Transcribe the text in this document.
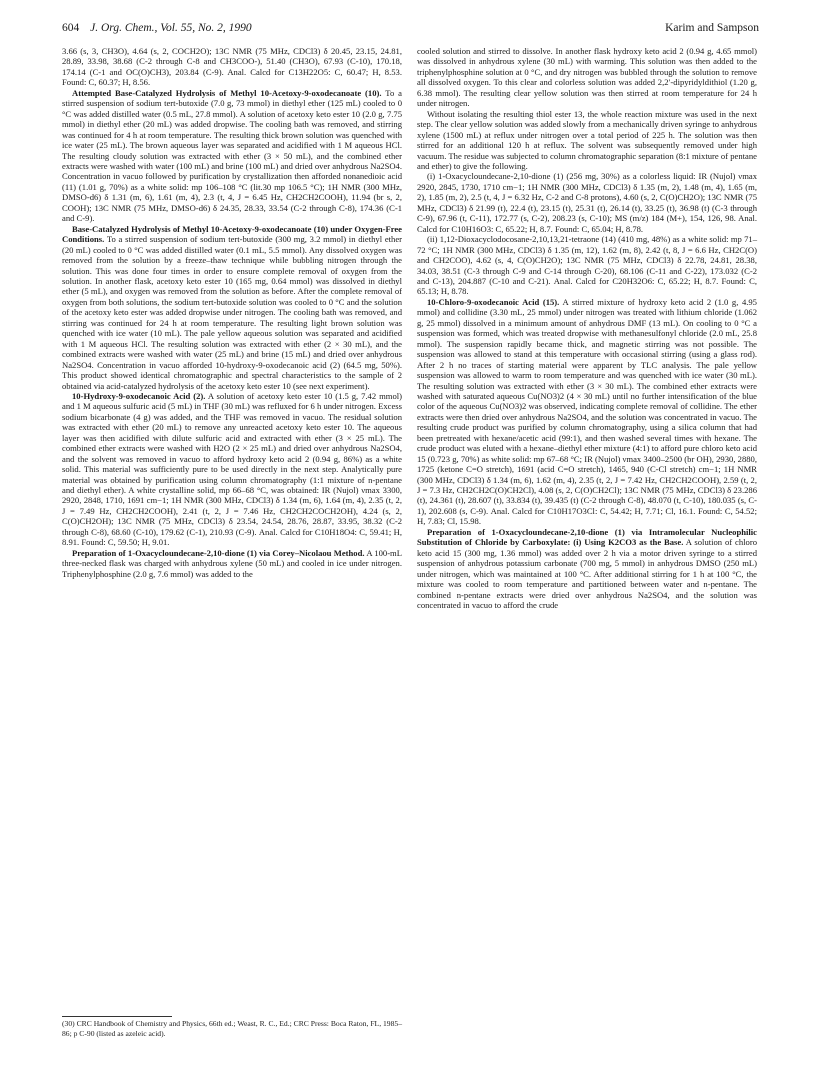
604 J. Org. Chem., Vol. 55, No. 2, 1990	Karim and Sampson

3.66 (s, 3, CH3O), 4.64 (s, 2, COCH2O); 13C NMR (75 MHz, CDCl3) δ 20.45, 23.15, 24.81, 28.89, 33.98, 38.68 (C-2 through C-8 and CH3COO-), 51.40 (CH3O), 67.93 (C-10), 170.18, 174.14 (C-1 and OC(O)CH3), 203.84 (C-9). Anal. Calcd for C13H22O5: C, 60.47; H, 8.53. Found: C, 60.37; H, 8.56.

Attempted Base-Catalyzed Hydrolysis of Methyl 10-Acetoxy-9-oxodecanoate (10). To a stirred suspension of sodium tert-butoxide (7.0 g, 73 mmol) in diethyl ether (125 mL) cooled to 0 °C was added distilled water (0.5 mL, 27.8 mmol). A solution of acetoxy keto ester 10 (2.0 g, 7.75 mmol) in diethyl ether (20 mL) was added dropwise. The cooling bath was removed, and stirring was continued for 4 h at room temperature. The resulting thick brown solution was quenched with ice water (25 mL). The brown aqueous layer was separated and acidified with 1 M aqueous HCl. The resulting cloudy solution was extracted with ether (3 × 50 mL), and the combined ether extracts were washed with water (100 mL) and brine (100 mL) and dried over anhydrous Na2SO4. Concentration in vacuo followed by purification by crystallization then afforded nonanedioic acid (11) (1.01 g, 70%) as a white solid: mp 106–108 °C (lit.30 mp 106.5 °C); 1H NMR (300 MHz, DMSO-d6) δ 1.31 (m, 6), 1.61 (m, 4), 2.3 (t, 4, J = 6.45 Hz, CH2CH2COOH), 11.94 (br s, 2, COOH); 13C NMR (75 MHz, DMSO-d6) δ 24.35, 28.33, 33.54 (C-2 through C-8), 174.36 (C-1 and C-9).

Base-Catalyzed Hydrolysis of Methyl 10-Acetoxy-9-oxodecanoate (10) under Oxygen-Free Conditions. To a stirred suspension of sodium tert-butoxide (300 mg, 3.2 mmol) in diethyl ether (20 mL) cooled to 0 °C was added distilled water (0.1 mL, 5.5 mmol). Any dissolved oxygen was removed from the solution by a freeze–thaw technique while bubbling nitrogen through the solution. This was done four times in order to ensure complete removal of oxygen from the solution. In another flask, acetoxy keto ester 10 (165 mg, 0.64 mmol) was dissolved in diethyl ether (5 mL), and oxygen was removed from the solution as before. After the complete removal of oxygen from both solutions, the sodium tert-butoxide solution was cooled to 0 °C and the solution of the acetoxy keto ester was added dropwise under nitrogen. The cooling bath was removed, and stirring was continued for 24 h at room temperature. The resulting light brown solution was quenched with ice water (10 mL). The pale yellow aqueous solution was separated and acidified with 1 M aqueous HCl. The resulting solution was extracted with ether (2 × 30 mL), and the combined extracts were washed with water (25 mL) and brine (15 mL) and dried over anhydrous Na2SO4. Concentration in vacuo afforded 10-hydroxy-9-oxodecanoic acid (2) (64.5 mg, 50%). This product showed identical chromatographic and spectral characteristics to the sample of 2 obtained via acid-catalyzed hydrolysis of the acetoxy keto ester 10 (see next experiment).

10-Hydroxy-9-oxodecanoic Acid (2). A solution of acetoxy keto ester 10 (1.5 g, 7.42 mmol) and 1 M aqueous sulfuric acid (5 mL) in THF (30 mL) was refluxed for 6 h under nitrogen. Excess sodium bicarbonate (4 g) was added, and the THF was removed in vacuo. The residual solution was extracted with ether (20 mL) to remove any unreacted acetoxy keto ester 10. The aqueous layer was then acidified with dilute sulfuric acid and extracted with ether (3 × 25 mL). The combined ether extracts were washed with H2O (2 × 25 mL) and dried over anhydrous Na2SO4, and the solvent was removed in vacuo to afford hydroxy keto acid 2 (0.94 g, 86%) as a white solid. This material was sufficiently pure to be used directly in the next step. Analytically pure material was obtained by purification using column chromatography (1:1 mixture of n-pentane and diethyl ether). A white crystalline solid, mp 66–68 °C, was obtained: IR (Nujol) νmax 3300, 2920, 2848, 1710, 1691 cm−1; 1H NMR (300 MHz, CDCl3) δ 1.34 (m, 6), 1.64 (m, 4), 2.35 (t, 2, J = 7.49 Hz, CH2CH2COOH), 2.41 (t, 2, J = 7.46 Hz, CH2CH2COCH2OH), 4.24 (s, 2, C(O)CH2OH); 13C NMR (75 MHz, CDCl3) δ 23.54, 24.54, 28.76, 28.87, 33.95, 38.32 (C-2 through C-8), 68.60 (C-10), 179.62 (C-1), 210.93 (C-9). Anal. Calcd for C10H18O4: C, 59.41; H, 8.91. Found: C, 59.50; H, 9.01.

Preparation of 1-Oxacycloundecane-2,10-dione (1) via Corey–Nicolaou Method. A 100-mL three-necked flask was charged with anhydrous xylene (50 mL) and cooled in ice under nitrogen. Triphenylphosphine (2.0 g, 7.6 mmol) was added to the

cooled solution and stirred to dissolve. In another flask hydroxy keto acid 2 (0.94 g, 4.65 mmol) was dissolved in anhydrous xylene (30 mL) with warming. This solution was then added to the triphenylphosphine solution at 0 °C, and dry nitrogen was bubbled through the solution to remove all dissolved oxygen. To this clear and colorless solution was added 2,2′-dipyridyldithiol (1.20 g, 6.38 mmol). The resulting clear yellow solution was then stirred at room temperature for 24 h under nitrogen.

Without isolating the resulting thiol ester 13, the whole reaction mixture was used in the next step. The clear yellow solution was added slowly from a mechanically driven syringe to anhydrous xylene (1500 mL) at reflux under nitrogen over a total period of 225 h. The solution was then stirred for an additional 120 h at reflux. The solvent was subsequently removed under high vacuum. The residue was subjected to column chromatographic separation (8:1 mixture of pentane and ether) to give the following.

(i) 1-Oxacycloundecane-2,10-dione (1) (256 mg, 30%) as a colorless liquid: IR (Nujol) νmax 2920, 2845, 1730, 1710 cm−1; 1H NMR (300 MHz, CDCl3) δ 1.35 (m, 2), 1.48 (m, 4), 1.65 (m, 2), 1.85 (m, 2), 2.5 (t, 4, J = 6.32 Hz, C-2 and C-8 protons), 4.60 (s, 2, C(O)CH2O); 13C NMR (75 MHz, CDCl3) δ 21.99 (t), 22.4 (t), 23.15 (t), 25.31 (t), 26.14 (t), 33.25 (t), 36.98 (t) (C-3 through C-9), 67.96 (t, C-11), 172.77 (s, C-2), 208.23 (s, C-10); MS (m/z) 184 (M+), 154, 126, 98. Anal. Calcd for C10H16O3: C, 65.22; H, 8.7. Found: C, 65.04; H, 8.78.

(ii) 1,12-Dioxacyclodocosane-2,10,13,21-tetraone (14) (410 mg, 48%) as a white solid: mp 71–72 °C; 1H NMR (300 MHz, CDCl3) δ 1.35 (m, 12), 1.62 (m, 8), 2.42 (t, 8, J = 6.6 Hz, CH2C(O) and CH2COO), 4.62 (s, 4, C(O)CH2O); 13C NMR (75 MHz, CDCl3) δ 22.78, 24.81, 28.38, 34.03, 38.51 (C-3 through C-9 and C-14 through C-20), 68.106 (C-11 and C-22), 173.032 (C-2 and C-13), 204.887 (C-10 and C-21). Anal. Calcd for C20H32O6: C, 65.22; H, 8.7. Found: C, 65.13; H, 8.78.

10-Chloro-9-oxodecanoic Acid (15). A stirred mixture of hydroxy keto acid 2 (1.0 g, 4.95 mmol) and collidine (3.30 mL, 25 mmol) under nitrogen was treated with lithium chloride (1.062 g, 25 mmol) dissolved in a minimum amount of anhydrous DMF (13 mL). On cooling to 0 °C a suspension was formed, which was treated dropwise with methanesulfonyl chloride (2.0 mL, 25.8 mmol). The suspension rapidly became thick, and magnetic stirring was not possible. The suspension was allowed to stand at this temperature with occasional stirring (using a glass rod). After 2 h no traces of starting material were apparent by TLC analysis. The pale yellow suspension was allowed to warm to room temperature and was quenched with ice water (30 mL). The resulting solution was extracted with ether (3 × 30 mL). The combined ether extracts were washed with saturated aqueous Cu(NO3)2 (4 × 30 mL) until no further intensification of the blue color of the aqueous Cu(NO3)2 was observed, indicating complete removal of collidine. The ether extracts were then dried over anhydrous Na2SO4, and the solution was concentrated in vacuo. The resulting crude product was purified by column chromatography, using a silica column that had been pretreated with hexane/acetic acid (99:1), and then washed several times with hexane. The crude product was eluted with a hexane–diethyl ether mixture (4:1) to afford pure chloro keto acid 15 (0.723 g, 70%) as white solid: mp 67–68 °C; IR (Nujol) νmax 3400–2500 (br OH), 2930, 2880, 1725 (ketone C=O stretch), 1691 (acid C=O stretch), 1465, 940 (C-Cl stretch) cm−1; 1H NMR (300 MHz, CDCl3) δ 1.34 (m, 6), 1.62 (m, 4), 2.35 (t, 2, J = 7.42 Hz, CH2CH2COOH), 2.59 (t, 2, J = 7.3 Hz, CH2CH2C(O)CH2Cl), 4.08 (s, 2, C(O)CH2Cl); 13C NMR (75 MHz, CDCl3) δ 23.286 (t), 24.361 (t), 28.607 (t), 33.834 (t), 39.435 (t) (C-2 through C-8), 48.070 (t, C-10), 180.035 (s, C-1), 202.608 (s, C-9). Anal. Calcd for C10H17O3Cl: C, 54.42; H, 7.71; Cl, 16.1. Found: C, 54.52; H, 7.83; Cl, 15.98.

Preparation of 1-Oxacycloundecane-2,10-dione (1) via Intramolecular Nucleophilic Substitution of Chloride by Carboxylate: (i) Using K2CO3 as the Base. A solution of chloro keto acid 15 (300 mg, 1.36 mmol) was added over 2 h via a motor driven syringe to a stirred suspension of anhydrous potassium carbonate (700 mg, 5 mmol) in anhydrous DMSO (250 mL) under nitrogen, which was maintained at 100 °C. After additional stirring for 1 h at 100 °C, the mixture was cooled to room temperature and partitioned between water and n-pentane. The combined n-pentane extracts were dried over anhydrous Na2SO4, and the solution was concentrated in vacuo to afford the crude

(30) CRC Handbook of Chemistry and Physics, 66th ed.; Weast, R. C., Ed.; CRC Press: Boca Raton, FL, 1985–86; p C-90 (listed as azeleic acid).
